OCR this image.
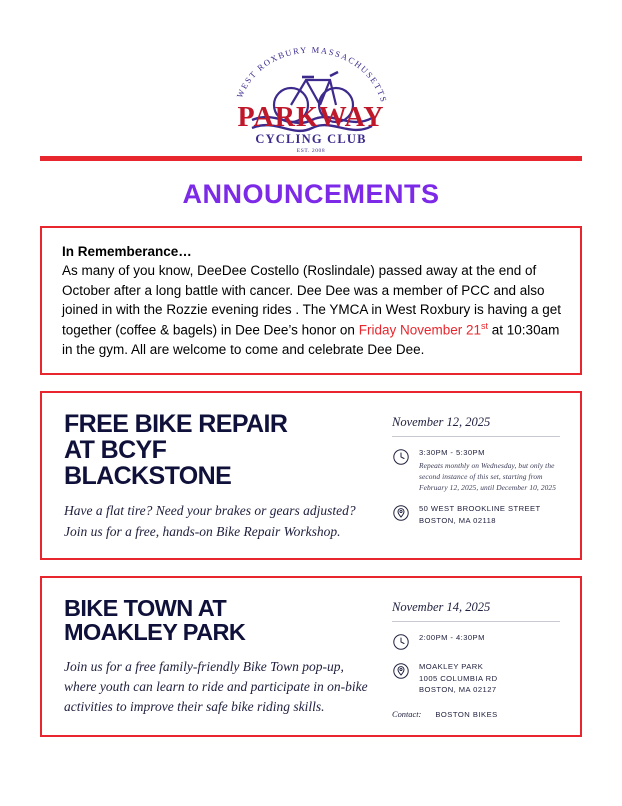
WEST ROXBURY MASSACHUSETTS
PARKWAY
CYCLING CLUB
EST. 2008
ANNOUNCEMENTS
In Rememberance…
As many of you know, DeeDee Costello (Roslindale) passed away at the end of October after a long battle with cancer. Dee Dee was a member of PCC and also joined in with the Rozzie evening rides . The YMCA in West Roxbury is having a get together (coffee & bagels) in Dee Dee’s honor on Friday November 21st at 10:30am in the gym. All are welcome to come and celebrate Dee Dee.
FREE BIKE REPAIR
AT BCYF
BLACKSTONE
Have a flat tire? Need your brakes or gears adjusted? Join us for a free, hands-on Bike Repair Workshop.
November 12, 2025
3:30PM - 5:30PM
Repeats monthly on Wednesday, but only the second instance of this set, starting from February 12, 2025, until December 10, 2025
50 WEST BROOKLINE STREET
BOSTON, MA 02118
BIKE TOWN AT
MOAKLEY PARK
Join us for a free family-friendly Bike Town pop-up, where youth can learn to ride and participate in on-bike activities to improve their safe bike riding skills.
November 14, 2025
2:00PM - 4:30PM
MOAKLEY PARK
1005 COLUMBIA RD
BOSTON, MA 02127
Contact: BOSTON BIKES
